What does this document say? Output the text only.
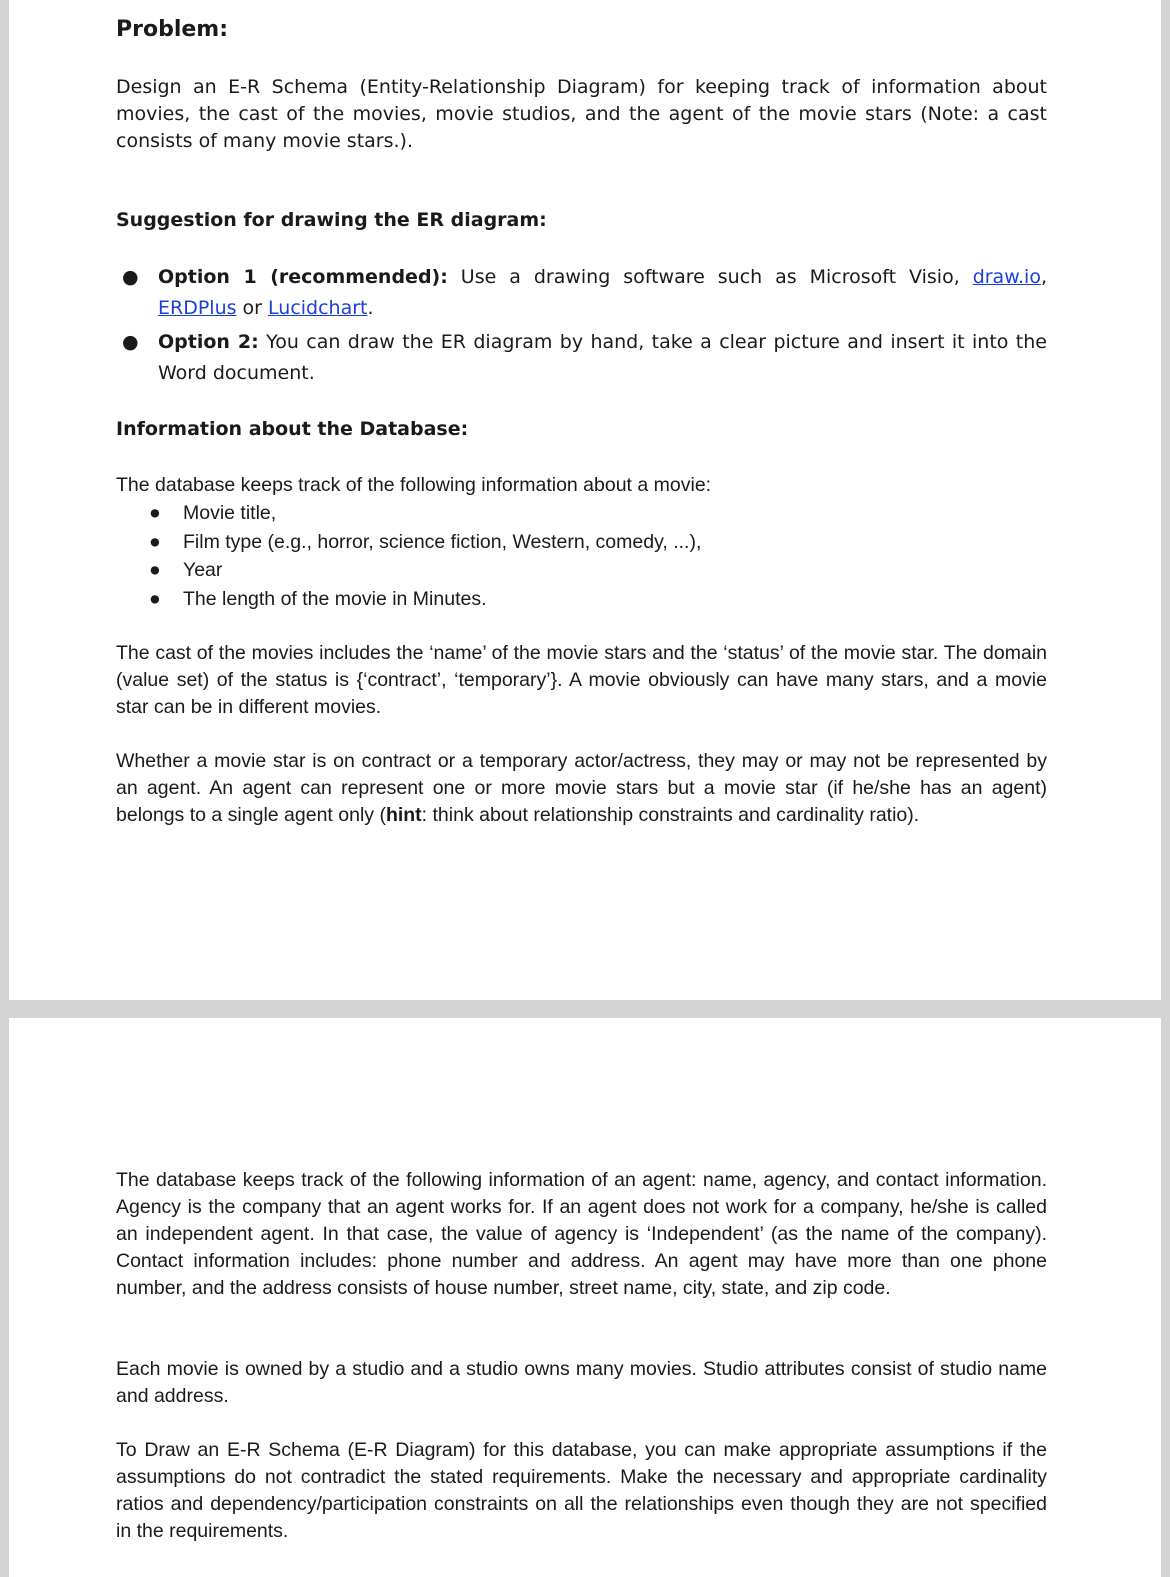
Problem:

Design an E-R Schema (Entity-Relationship Diagram) for keeping track of information about movies, the cast of the movies, movie studios, and the agent of the movie stars (Note: a cast consists of many movie stars.).

Suggestion for drawing the ER diagram:
● Option 1 (recommended): Use a drawing software such as Microsoft Visio, draw.io, ERDPlus or Lucidchart.
● Option 2: You can draw the ER diagram by hand, take a clear picture and insert it into the Word document.
Information about the Database:

The database keeps track of the following information about a movie:

● Movie title,
● Film type (e.g., horror, science fiction, Western, comedy, ...),
● Year
● The length of the movie in Minutes.

The cast of the movies includes the ‘name’ of the movie stars and the ‘status’ of the movie star. The domain (value set) of the status is {‘contract’, ‘temporary’}. A movie obviously can have many stars, and a movie star can be in different movies.

Whether a movie star is on contract or a temporary actor/actress, they may or may not be represented by an agent. An agent can represent one or more movie stars but a movie star (if he/she has an agent) belongs to a single agent only (hint: think about relationship constraints and cardinality ratio).

The database keeps track of the following information of an agent: name, agency, and contact information. Agency is the company that an agent works for. If an agent does not work for a company, he/she is called an independent agent. In that case, the value of agency is ‘Independent’ (as the name of the company). Contact information includes: phone number and address. An agent may have more than one phone number, and the address consists of house number, street name, city, state, and zip code.

Each movie is owned by a studio and a studio owns many movies. Studio attributes consist of studio name and address.

To Draw an E-R Schema (E-R Diagram) for this database, you can make appropriate assumptions if the assumptions do not contradict the stated requirements. Make the necessary and appropriate cardinality ratios and dependency/participation constraints on all the relationships even though they are not specified in the requirements.
